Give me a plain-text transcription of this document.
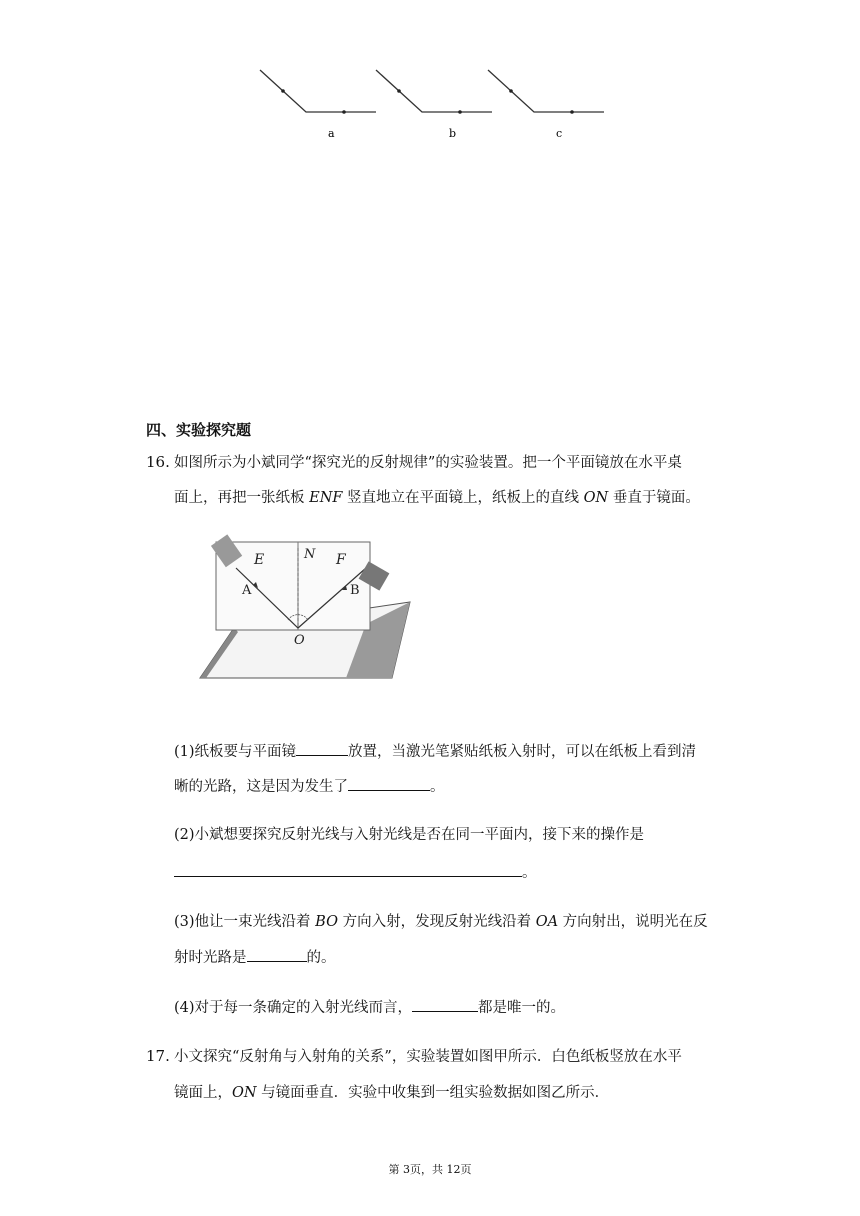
a	b	c
四、实验探究题
16. 如图所示为小斌同学“探究光的反射规律”的实验装置。把一个平面镜放在水平桌
面上，再把一张纸板 ENF 竖直地立在平面镜上，纸板上的直线 ON 垂直于镜面。
E	N F
A	B
O
(1)纸板要与平面镜	放置，当激光笔紧贴纸板入射时，可以在纸板上看到清
晰的光路，这是因为发生了	。
(2)小斌想要探究反射光线与入射光线是否在同一平面内，接下来的操作是
。
(3)他让一束光线沿着 BO 方向入射，发现反射光线沿着 OA 方向射出，说明光在反
射时光路是	的。
(4)对于每一条确定的入射光线而言，	都是唯一的。
17. 小文探究“反射角与入射角的关系”，实验装置如图甲所示．白色纸板竖放在水平
镜面上，ON 与镜面垂直．实验中收集到一组实验数据如图乙所示．
第 3页，共 12页
